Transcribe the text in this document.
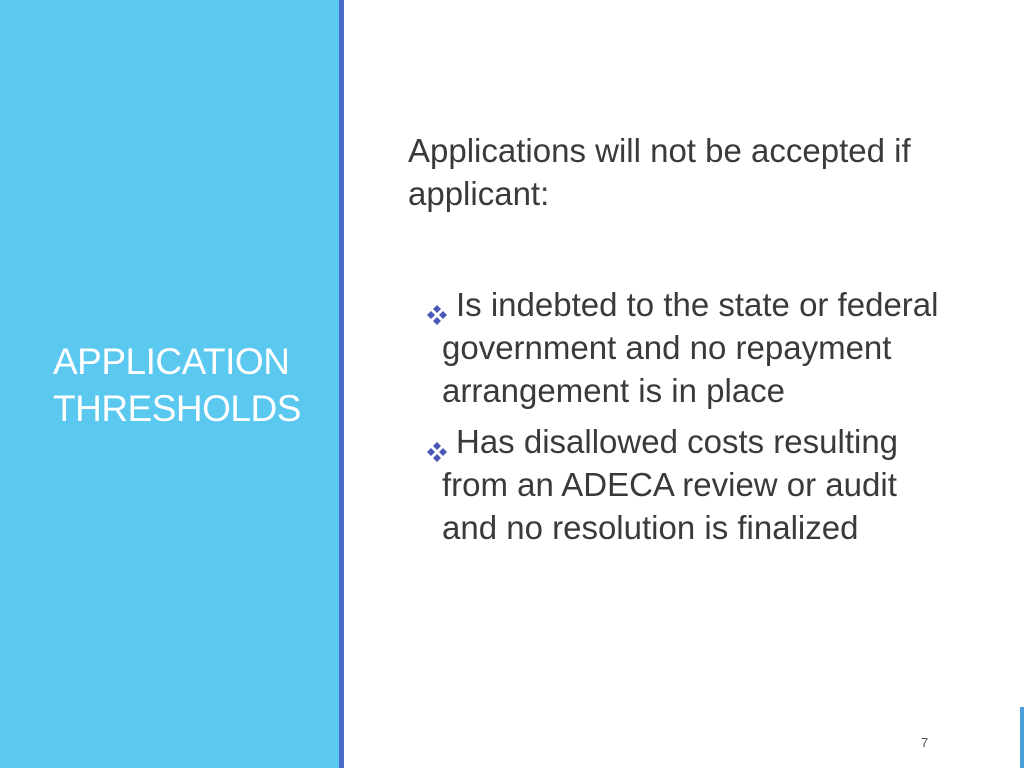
APPLICATION
THRESHOLDS
Applications will not be accepted if applicant:
Is indebted to the state or federal government and no repayment arrangement is in place
Has disallowed costs resulting from an ADECA review or audit and no resolution is finalized
7
